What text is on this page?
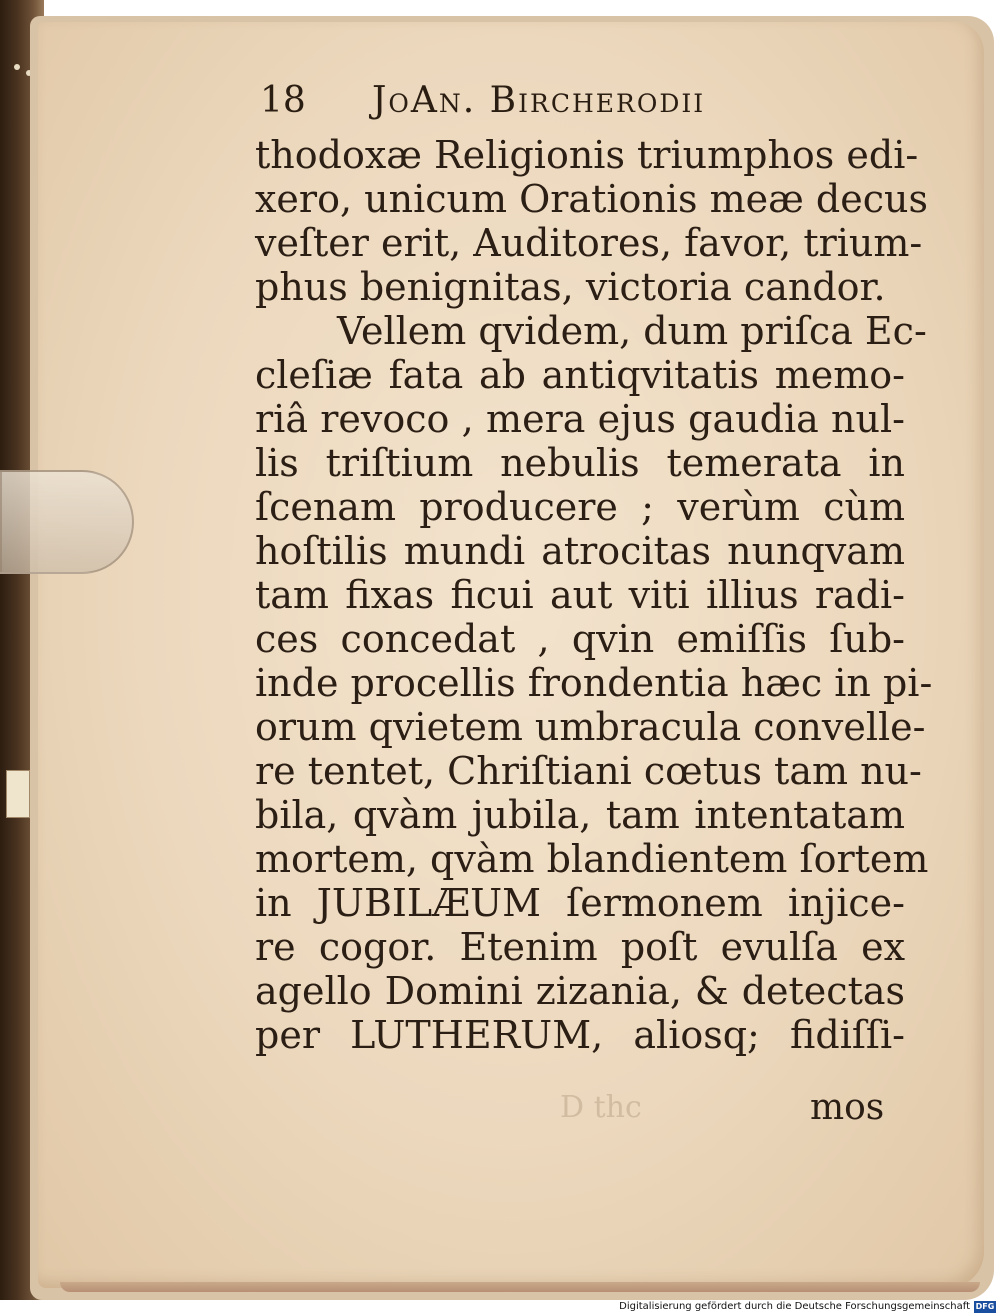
18 JoAn. Bircherodii
D thc
thodoxæ Religionis triumphos edi-
xero, unicum Orationis meæ decus
veſter erit, Auditores, favor, trium-
phus benignitas, victoria candor.
Vellem qvidem, dum priſca Ec-
cleſiæ fata ab antiqvitatis memo-
riâ revoco , mera ejus gaudia nul-
lis triſtium nebulis temerata in
ſcenam producere ; verùm cùm
hoſtilis mundi atrocitas nunqvam
tam fixas ficui aut viti illius radi-
ces concedat , qvin emiſſis ſub-
inde procellis frondentia hæc in pi-
orum qvietem umbracula convelle-
re tentet, Chriſtiani cœtus tam nu-
bila, qvàm jubila, tam intentatam
mortem, qvàm blandientem ſortem
in JUBILÆUM ſermonem injice-
re cogor. Etenim poſt evulſa ex
agello Domini zizania, & detectas
per LUTHERUM, aliosq; fidiſſi-
mos
Digitalisierung gefördert durch die Deutsche Forschungsgemeinschaft DFG
